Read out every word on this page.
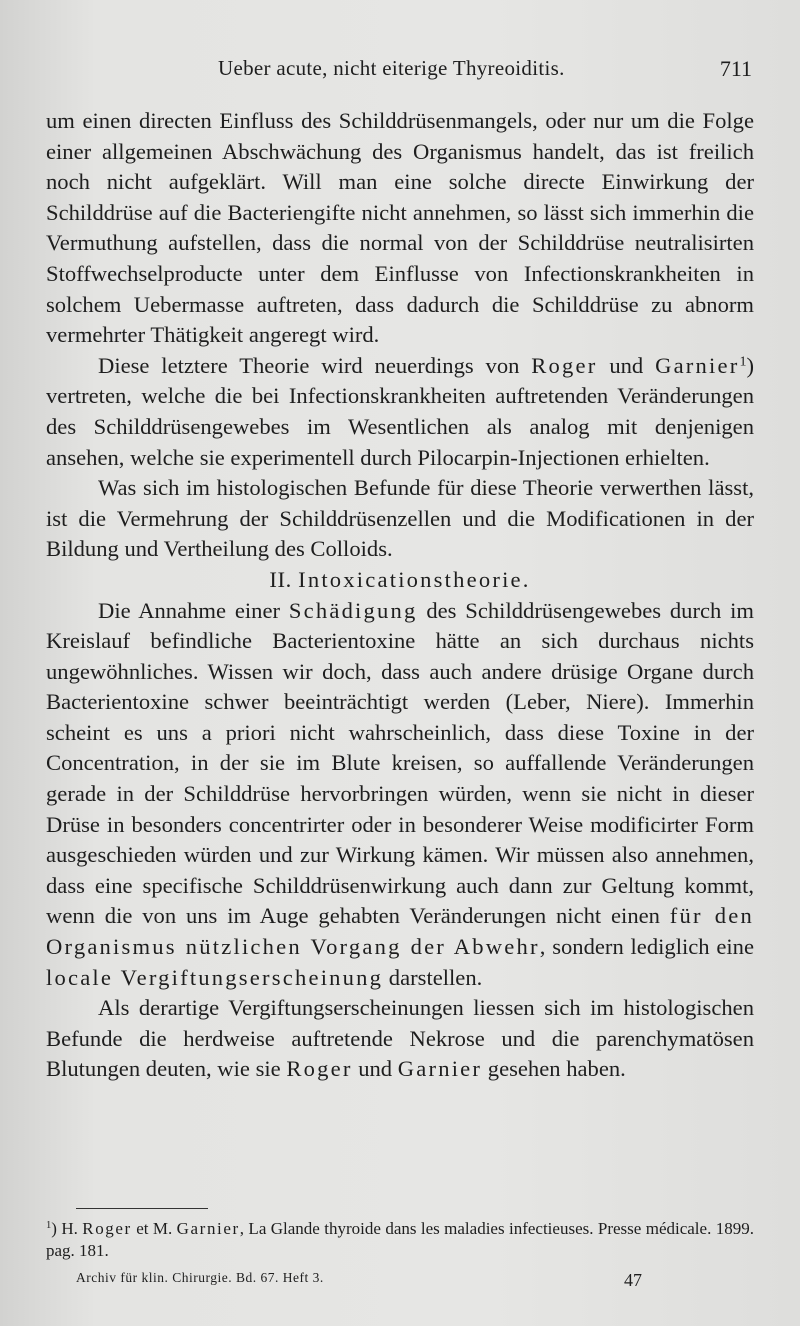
Ueber acute, nicht eiterige Thyreoiditis.	711

um einen directen Einfluss des Schilddrüsenmangels, oder nur um die Folge einer allgemeinen Abschwächung des Organismus handelt, das ist freilich noch nicht aufgeklärt. Will man eine solche directe Einwirkung der Schilddrüse auf die Bacteriengifte nicht annehmen, so lässt sich immerhin die Vermuthung aufstellen, dass die normal von der Schilddrüse neutralisirten Stoffwechselproducte unter dem Einflusse von Infectionskrankheiten in solchem Uebermasse auftreten, dass dadurch die Schilddrüse zu abnorm vermehrter Thätigkeit angeregt wird.

Diese letztere Theorie wird neuerdings von Roger und Garnier$^1$) vertreten, welche die bei Infectionskrankheiten auftretenden Veränderungen des Schilddrüsengewebes im Wesentlichen als analog mit denjenigen ansehen, welche sie experimentell durch Pilocarpin-Injectionen erhielten.

Was sich im histologischen Befunde für diese Theorie verwerthen lässt, ist die Vermehrung der Schilddrüsenzellen und die Modificationen in der Bildung und Vertheilung des Colloids.

II. Intoxicationstheorie.

Die Annahme einer Schädigung des Schilddrüsengewebes durch im Kreislauf befindliche Bacterientoxine hätte an sich durchaus nichts ungewöhnliches. Wissen wir doch, dass auch andere drüsige Organe durch Bacterientoxine schwer beeinträchtigt werden (Leber, Niere). Immerhin scheint es uns a priori nicht wahrscheinlich, dass diese Toxine in der Concentration, in der sie im Blute kreisen, so auffallende Veränderungen gerade in der Schilddrüse hervorbringen würden, wenn sie nicht in dieser Drüse in besonders concentrirter oder in besonderer Weise modificirter Form ausgeschieden würden und zur Wirkung kämen. Wir müssen also annehmen, dass eine specifische Schilddrüsenwirkung auch dann zur Geltung kommt, wenn die von uns im Auge gehabten Veränderungen nicht einen für den Organismus nützlichen Vorgang der Abwehr, sondern lediglich eine locale Vergiftungserscheinung darstellen.

Als derartige Vergiftungserscheinungen liessen sich im histologischen Befunde die herdweise auftretende Nekrose und die parenchymatösen Blutungen deuten, wie sie Roger und Garnier gesehen haben.

$^1$) H. Roger et M. Garnier, La Glande thyroide dans les maladies infectieuses. Presse médicale. 1899. pag. 181.

Archiv für klin. Chirurgie. Bd. 67. Heft 3.	47
